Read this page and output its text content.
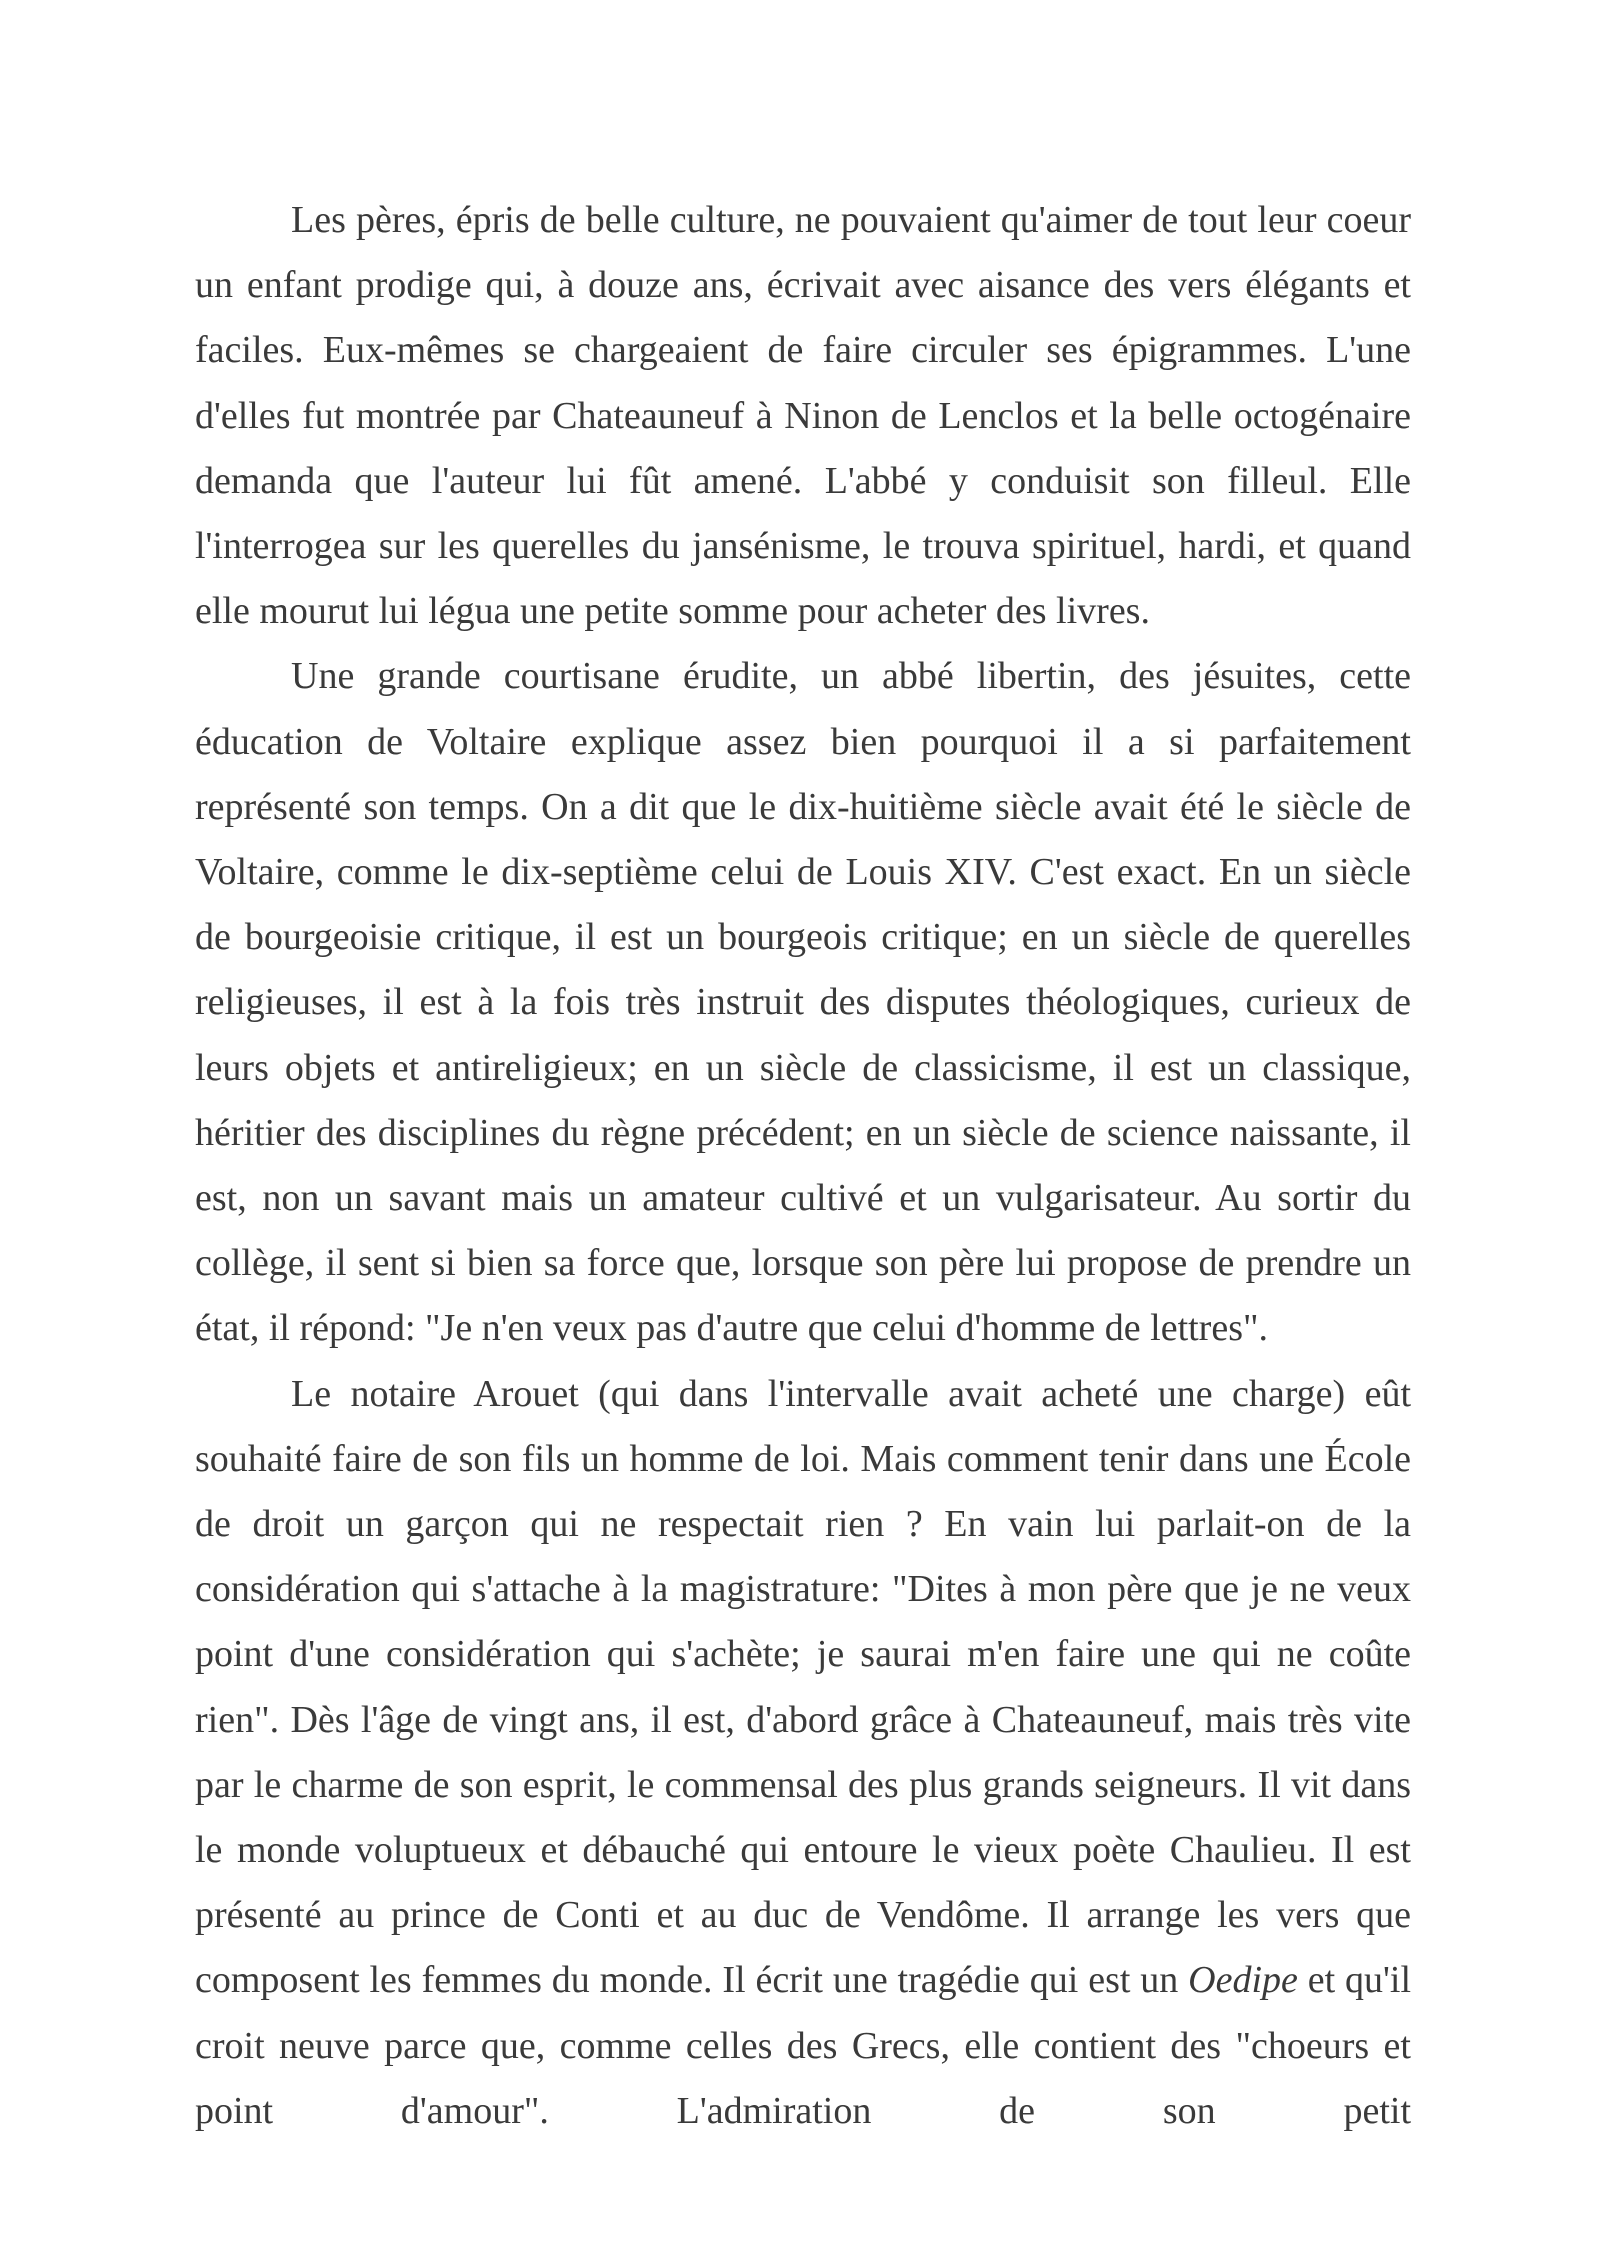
Les pères, épris de belle culture, ne pouvaient qu'aimer de tout leur coeur un enfant prodige qui, à douze ans, écrivait avec aisance des vers élégants et faciles. Eux-mêmes se chargeaient de faire circuler ses épigrammes. L'une d'elles fut montrée par Chateauneuf à Ninon de Lenclos et la belle octogénaire demanda que l'auteur lui fût amené. L'abbé y conduisit son filleul. Elle l'interrogea sur les querelles du jansénisme, le trouva spirituel, hardi, et quand elle mourut lui légua une petite somme pour acheter des livres.

Une grande courtisane érudite, un abbé libertin, des jésuites, cette éducation de Voltaire explique assez bien pourquoi il a si parfaitement représenté son temps. On a dit que le dix-huitième siècle avait été le siècle de Voltaire, comme le dix-septième celui de Louis XIV. C'est exact. En un siècle de bourgeoisie critique, il est un bourgeois critique; en un siècle de querelles religieuses, il est à la fois très instruit des disputes théologiques, curieux de leurs objets et antireligieux; en un siècle de classicisme, il est un classique, héritier des disciplines du règne précédent; en un siècle de science naissante, il est, non un savant mais un amateur cultivé et un vulgarisateur. Au sortir du collège, il sent si bien sa force que, lorsque son père lui propose de prendre un état, il répond: "Je n'en veux pas d'autre que celui d'homme de lettres".

Le notaire Arouet (qui dans l'intervalle avait acheté une charge) eût souhaité faire de son fils un homme de loi. Mais comment tenir dans une École de droit un garçon qui ne respectait rien ? En vain lui parlait-on de la considération qui s'attache à la magistrature: "Dites à mon père que je ne veux point d'une considération qui s'achète; je saurai m'en faire une qui ne coûte rien". Dès l'âge de vingt ans, il est, d'abord grâce à Chateauneuf, mais très vite par le charme de son esprit, le commensal des plus grands seigneurs. Il vit dans le monde voluptueux et débauché qui entoure le vieux poète Chaulieu. Il est présenté au prince de Conti et au duc de Vendôme. Il arrange les vers que composent les femmes du monde. Il écrit une tragédie qui est un Oedipe et qu'il croit neuve parce que, comme celles des Grecs, elle contient des "choeurs et point d'amour". L'admiration de son petit
